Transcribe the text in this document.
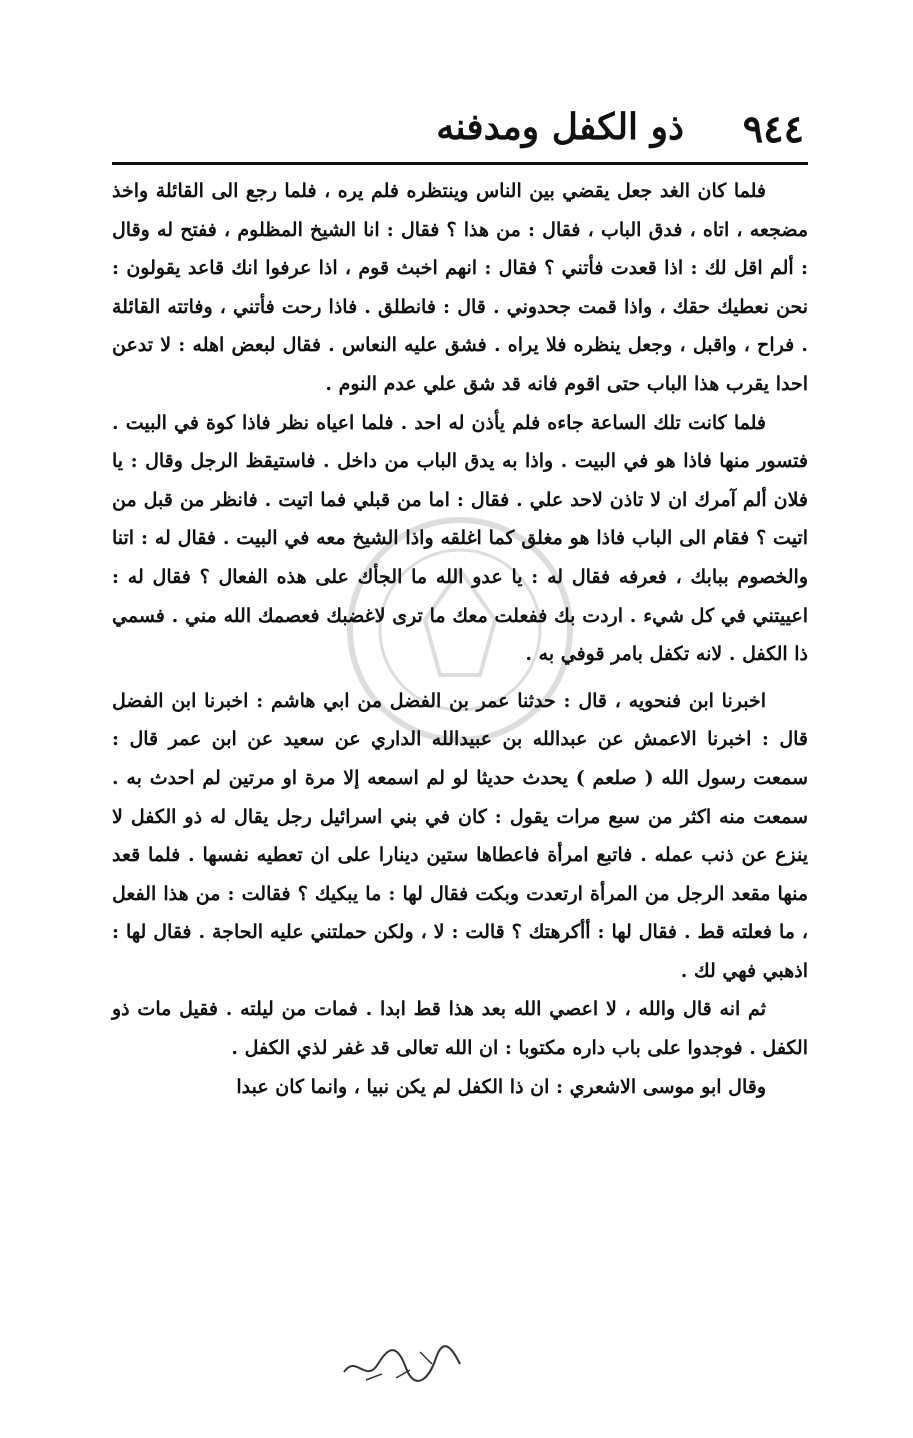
٩٤٤
ذو الكفل ومدفنه

فلما كان الغد جعل يقضي بين الناس وينتظره فلم يره ، فلما رجع الى القائلة واخذ مضجعه ، اتاه ، فدق الباب ، فقال : من هذا ؟ فقال : انا الشيخ المظلوم ، ففتح له وقال : ألم اقل لك : اذا قعدت فأتني ؟ فقال : انهم اخبث قوم ، اذا عرفوا انك قاعد يقولون : نحن نعطيك حقك ، واذا قمت جحدوني . قال : فانطلق . فاذا رحت فأتني ، وفاتته القائلة . فراح ، واقبل ، وجعل ينظره فلا يراه . فشق عليه النعاس . فقال لبعض اهله : لا تدعن احدا يقرب هذا الباب حتى اقوم فانه قد شق علي عدم النوم .

فلما كانت تلك الساعة جاءه فلم يأذن له احد . فلما اعياه نظر فاذا كوة في البيت . فتسور منها فاذا هو في البيت . واذا به يدق الباب من داخل . فاستيقظ الرجل وقال : يا فلان ألم آمرك ان لا تاذن لاحد علي . فقال : اما من قبلي فما اتيت . فانظر من قبل من اتيت ؟ فقام الى الباب فاذا هو مغلق كما اغلقه واذا الشيخ معه في البيت . فقال له : اتنا والخصوم ببابك ، فعرفه فقال له : يا عدو الله ما الجأك على هذه الفعال ؟ فقال له : اعييتني في كل شيء . اردت بك ففعلت معك ما ترى لاغضبك فعصمك الله مني . فسمي ذا الكفل . لانه تكفل بامر قوفي به .

اخبرنا ابن فنحويه ، قال : حدثنا عمر بن الفضل من ابي هاشم : اخبرنا ابن الفضل قال : اخبرنا الاعمش عن عبدالله بن عبيدالله الداري عن سعيد عن ابن عمر قال : سمعت رسول الله ( صلعم ) يحدث حديثا لو لم اسمعه إلا مرة او مرتين لم احدث به . سمعت منه اكثر من سبع مرات يقول : كان في بني اسرائيل رجل يقال له ذو الكفل لا ينزع عن ذنب عمله . فاتبع امرأة فاعطاها ستين دينارا على ان تعطيه نفسها . فلما قعد منها مقعد الرجل من المرأة ارتعدت وبكت فقال لها : ما يبكيك ؟ فقالت : من هذا الفعل ، ما فعلته قط . فقال لها : أأكرهتك ؟ قالت : لا ، ولكن حملتني عليه الحاجة . فقال لها : اذهبي فهي لك .

ثم انه قال والله ، لا اعصي الله بعد هذا قط ابدا . فمات من ليلته . فقيل مات ذو الكفل . فوجدوا على باب داره مكتوبا : ان الله تعالى قد غفر لذي الكفل .

وقال ابو موسى الاشعري : ان ذا الكفل لم يكن نبيا ، وانما كان عبدا
